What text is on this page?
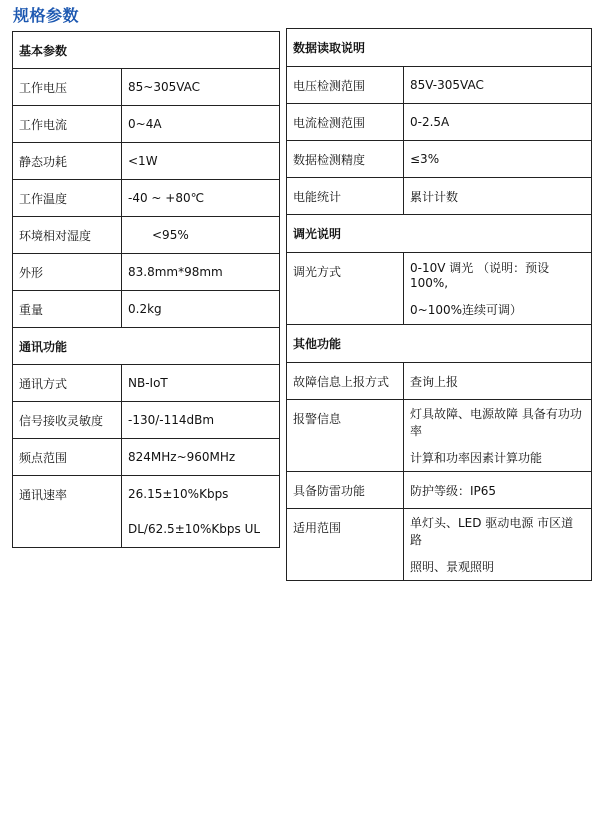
规格参数
基本参数	
工作电压	85~305VAC

工作电流	0~4A

静态功耗	<1W

工作温度	-40 ~ +80℃

环境相对湿度	<95%

外形	83.8mm*98mm

重量	0.2kg

通讯功能	
通讯方式	NB-IoT

信号接收灵敏度	-130/-114dBm

频点范围	824MHz~960MHz

通讯速率	26.15±10%Kbps
DL/62.5±10%Kbps UL
数据读取说明	
电压检测范围	85V-305VAC

电流检测范围	0-2.5A

数据检测精度	≤3%

电能统计	累计计数

调光说明	
调光方式	0-10V 调光 （说明：预设 100%,
0~100%连续可调）

其他功能	
故障信息上报方式	查询上报

报警信息	灯具故障、电源故障 具备有功功率
计算和功率因素计算功能

具备防雷功能	防护等级：IP65

适用范围	单灯头、LED 驱动电源 市区道路
照明、景观照明
